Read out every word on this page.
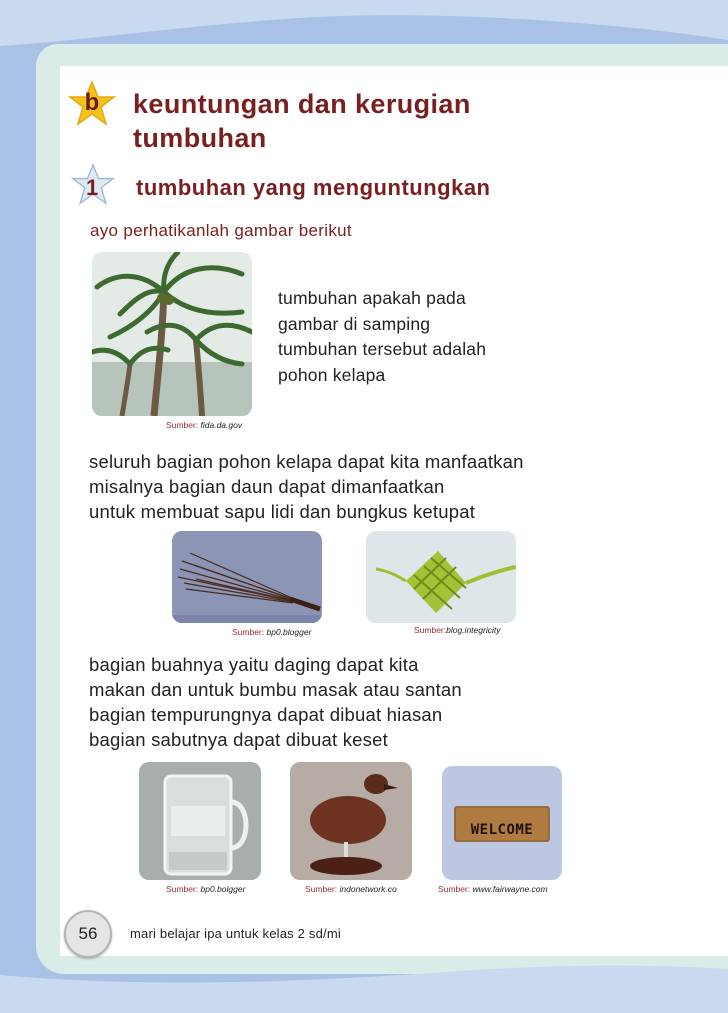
b	keuntungan dan kerugian
tumbuhan
1 tumbuhan yang menguntungkan
ayo perhatikanlah gambar berikut
Sumber: fida.da.gov
tumbuhan apakah pada
gambar di samping
tumbuhan tersebut adalah
pohon kelapa
seluruh bagian pohon kelapa dapat kita manfaatkan
misalnya bagian daun dapat dimanfaatkan
untuk membuat sapu lidi dan bungkus ketupat
Sumber: bp0.blogger	Sumber:blog.integricity
bagian buahnya yaitu daging dapat kita
makan dan untuk bumbu masak atau santan
bagian tempurungnya dapat dibuat hiasan
bagian sabutnya dapat dibuat keset
WELCOME
Sumber: bp0.bolgger	Sumber: indonetwork.co	Sumber: www.fairwayne.com
56	mari belajar ipa untuk kelas 2 sd/mi
